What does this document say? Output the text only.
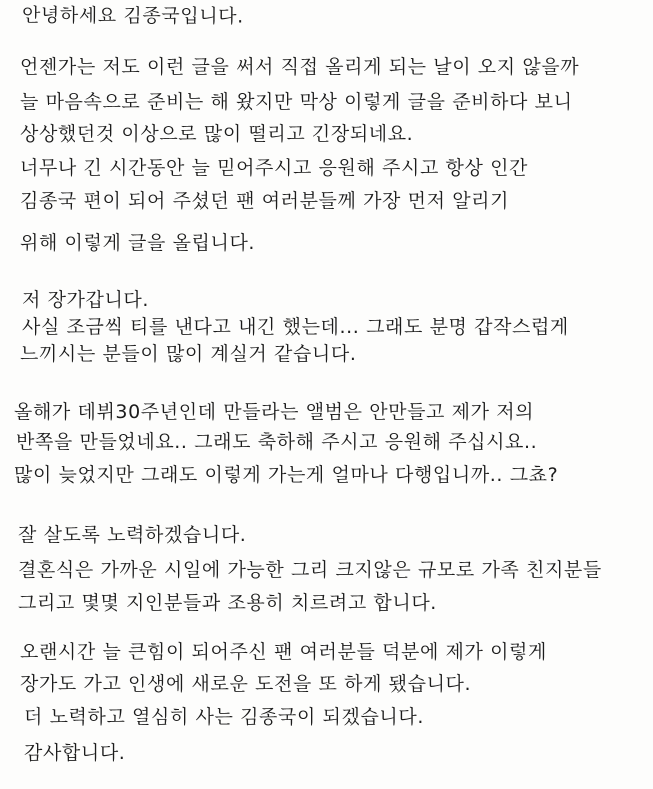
안녕하세요 김종국입니다.
언젠가는 저도 이런 글을 써서 직접 올리게 되는 날이 오지 않을까
늘 마음속으로 준비는 해 왔지만 막상 이렇게 글을 준비하다 보니
상상했던것 이상으로 많이 떨리고 긴장되네요.
너무나 긴 시간동안 늘 믿어주시고 응원해 주시고 항상 인간
김종국 편이 되어 주셨던 팬 여러분들께 가장 먼저 알리기
위해 이렇게 글을 올립니다.
저 장가갑니다.
사실 조금씩 티를 낸다고 내긴 했는데... 그래도 분명 갑작스럽게
느끼시는 분들이 많이 계실거 같습니다.
올해가 데뷔30주년인데 만들라는 앨범은 안만들고 제가 저의
반쪽을 만들었네요.. 그래도 축하해 주시고 응원해 주십시요..
많이 늦었지만 그래도 이렇게 가는게 얼마나 다행입니까.. 그쵸?
잘 살도록 노력하겠습니다.
결혼식은 가까운 시일에 가능한 그리 크지않은 규모로 가족 친지분들
그리고 몇몇 지인분들과 조용히 치르려고 합니다.
오랜시간 늘 큰힘이 되어주신 팬 여러분들 덕분에 제가 이렇게
장가도 가고 인생에 새로운 도전을 또 하게 됐습니다.
더 노력하고 열심히 사는 김종국이 되겠습니다.
감사합니다.
